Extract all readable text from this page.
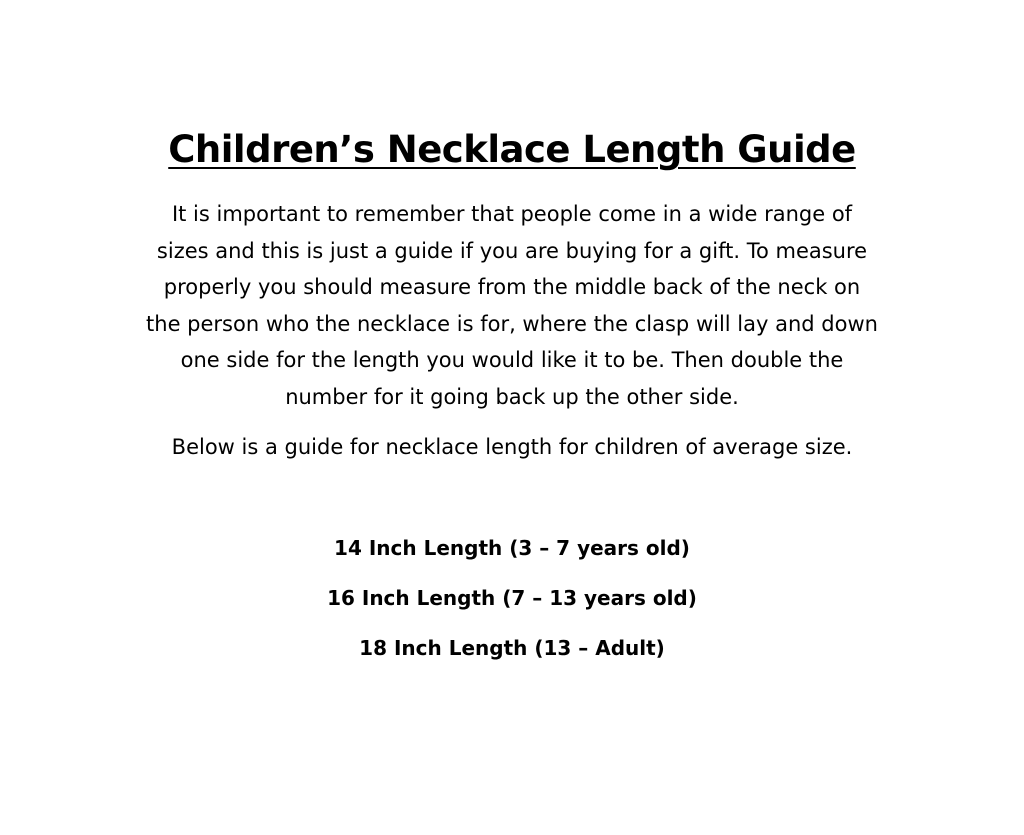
Children’s Necklace Length Guide

It is important to remember that people come in a wide range of
sizes and this is just a guide if you are buying for a gift. To measure
properly you should measure from the middle back of the neck on
the person who the necklace is for, where the clasp will lay and down
one side for the length you would like it to be. Then double the
number for it going back up the other side.

Below is a guide for necklace length for children of average size.

14 Inch Length (3 – 7 years old)
16 Inch Length (7 – 13 years old)
18 Inch Length (13 – Adult)
